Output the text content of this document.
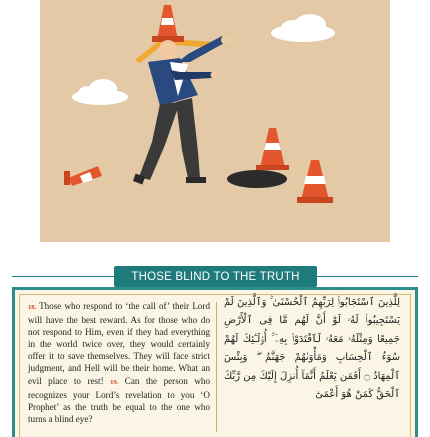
THOSE BLIND TO THE TRUTH

18. Those who respond to ‘the call of’ their Lord will have the best reward. As for those who do not respond to Him, even if they had everything in the world twice over, they would certainly offer it to save themselves. They will face strict judgment, and Hell will be their home. What an evil place to rest! 19. Can the person who recognizes your Lord’s revelation to you ‘O Prophet’ as the truth be equal to the one who turns a blind eye?

لِلَّذِينَ ٱسْتَجَابُوا۟ لِرَبِّهِمُ ٱلْحُسْنَىٰ ۚ وَٱلَّذِينَ لَمْ يَسْتَجِيبُوا۟ لَهُۥ لَوْ أَنَّ لَهُم مَّا فِى ٱلْأَرْضِ جَمِيعًا وَمِثْلَهُۥ مَعَهُۥ لَٱفْتَدَوْا۟ بِهِۦٓ ۚ أُو۟لَـٰٓئِكَ لَهُمْ سُوٓءُ ٱلْحِسَابِ وَمَأْوَىٰهُمْ جَهَنَّمُ ۖ وَبِئْسَ ٱلْمِهَادُ ۝ أَفَمَن يَعْلَمُ أَنَّمَآ أُنزِلَ إِلَيْكَ مِن رَّبِّكَ ٱلْحَقُّ كَمَنْ هُوَ أَعْمَىٰٓ
